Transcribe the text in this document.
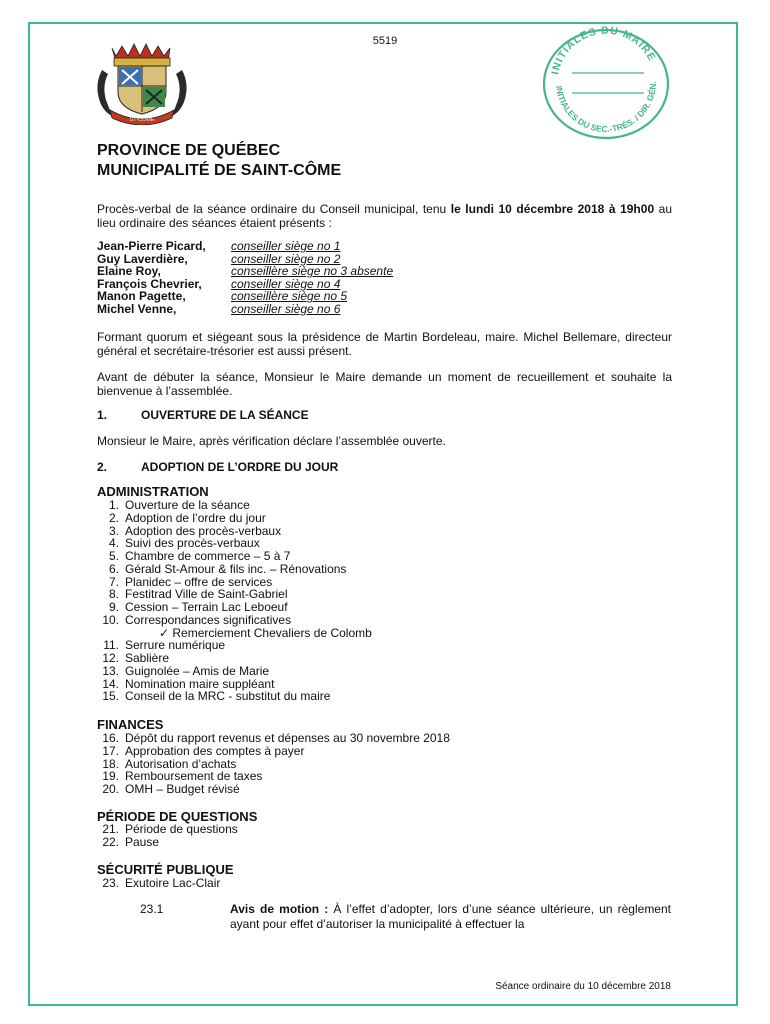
5519
ST-CÔME
INITIALES DU MAIRE
INITIALES DU SEC.-TRÉS. / DIR. GÉN.
PROVINCE DE QUÉBEC
MUNICIPALITÉ DE SAINT-CÔME
Procès-verbal de la séance ordinaire du Conseil municipal, tenu le lundi 10 décembre 2018 à 19h00 au lieu ordinaire des séances étaient présents :
Jean-Pierre Picard,	conseiller siège no 1
Guy Laverdière,	conseiller siège no 2
Elaine Roy,	conseillère siège no 3 absente
François Chevrier,	conseiller siège no 4
Manon Pagette,	conseillère siège no 5
Michel Venne,	conseiller siège no 6
Formant quorum et siégeant sous la présidence de Martin Bordeleau, maire. Michel Bellemare, directeur général et secrétaire-trésorier est aussi présent.
Avant de débuter la séance, Monsieur le Maire demande un moment de recueillement et souhaite la bienvenue à l’assemblée.
1.	OUVERTURE DE LA SÉANCE
Monsieur le Maire, après vérification déclare l’assemblée ouverte.
2.	ADOPTION DE L’ORDRE DU JOUR
ADMINISTRATION
1. Ouverture de la séance
2. Adoption de l’ordre du jour
3. Adoption des procès-verbaux
4. Suivi des procès-verbaux
5. Chambre de commerce – 5 à 7
6. Gérald St-Amour & fils inc. – Rénovations
7. Planidec – offre de services
8. Festitrad Ville de Saint-Gabriel
9. Cession – Terrain Lac Leboeuf
10. Correspondances significatives
✓ Remerciement Chevaliers de Colomb
11. Serrure numérique
12. Sablière
13. Guignolée – Amis de Marie
14. Nomination maire suppléant
15. Conseil de la MRC - substitut du maire
FINANCES
16. Dépôt du rapport revenus et dépenses au 30 novembre 2018
17. Approbation des comptes à payer
18. Autorisation d’achats
19. Remboursement de taxes
20. OMH – Budget révisé
PÉRIODE DE QUESTIONS
21. Période de questions
22. Pause
SÉCURITÉ PUBLIQUE
23. Exutoire Lac-Clair
23.1	Avis de motion : À l’effet d’adopter, lors d’une séance ultérieure, un règlement ayant pour effet d’autoriser la municipalité à effectuer la
Séance ordinaire du 10 décembre 2018
